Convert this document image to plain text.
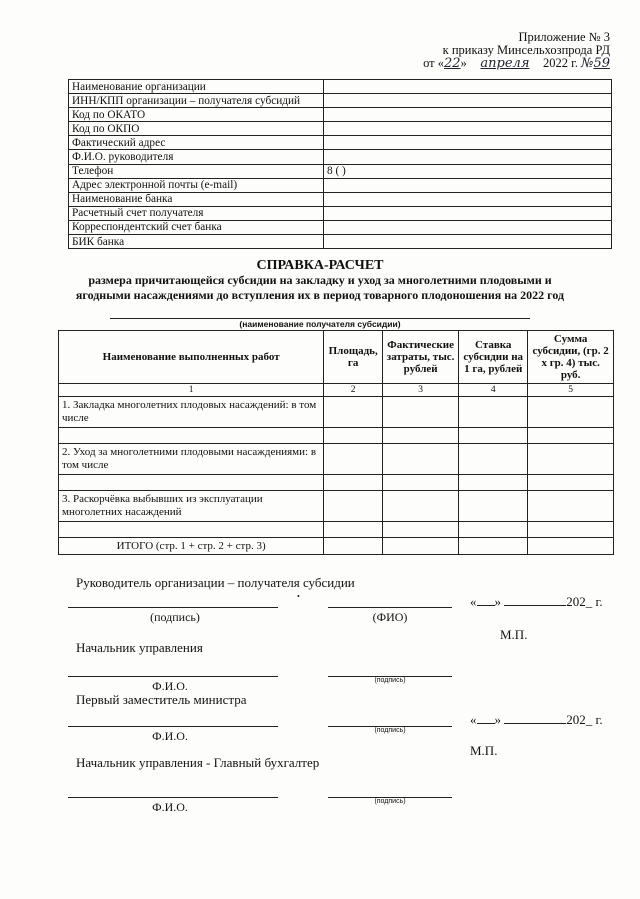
Приложение № 3
к приказу Минсельхозпрода РД
от «22» апреля 2022 г. №59
Наименование организации	
ИНН/КПП организации – получателя субсидий	
Код по ОКАТО	
Код по ОКПО	
Фактический адрес	
Ф.И.О. руководителя	
Телефон	8 ( )
Адрес электронной почты (e-mail)	
Наименование банка	
Расчетный счет получателя	
Корреспондентский счет банка	
БИК банка	
СПРАВКА-РАСЧЕТ
размера причитающейся субсидии на закладку и уход за многолетними плодовыми и
ягодными насаждениями до вступления их в период товарного плодоношения на 2022 год
(наименование получателя субсидии)
Наименование выполненных работ	Площадь, га	Фактические затраты, тыс. рублей	Ставка субсидии на 1 га, рублей	Сумма субсидии, (гр. 2 х гр. 4) тыс. руб.
1	2	3	4	5
1. Закладка многолетних плодовых насаждений: в том числе				

2. Уход за многолетними плодовыми насаждениями: в том числе				

3. Раскорчёвка выбывших из эксплуатации многолетних насаждений				

ИТОГО (стр. 1 + стр. 2 + стр. 3)				
Руководитель организации – получателя субсидии
•
(подпись)	(ФИО)
« »	202_ г.
М.П.
Начальник управления
Ф.И.О.	(подпись)
Первый заместитель министра
Ф.И.О.	(подпись)
« »	202_ г.
М.П.
Начальник управления - Главный бухгалтер
Ф.И.О.	(подпись)
